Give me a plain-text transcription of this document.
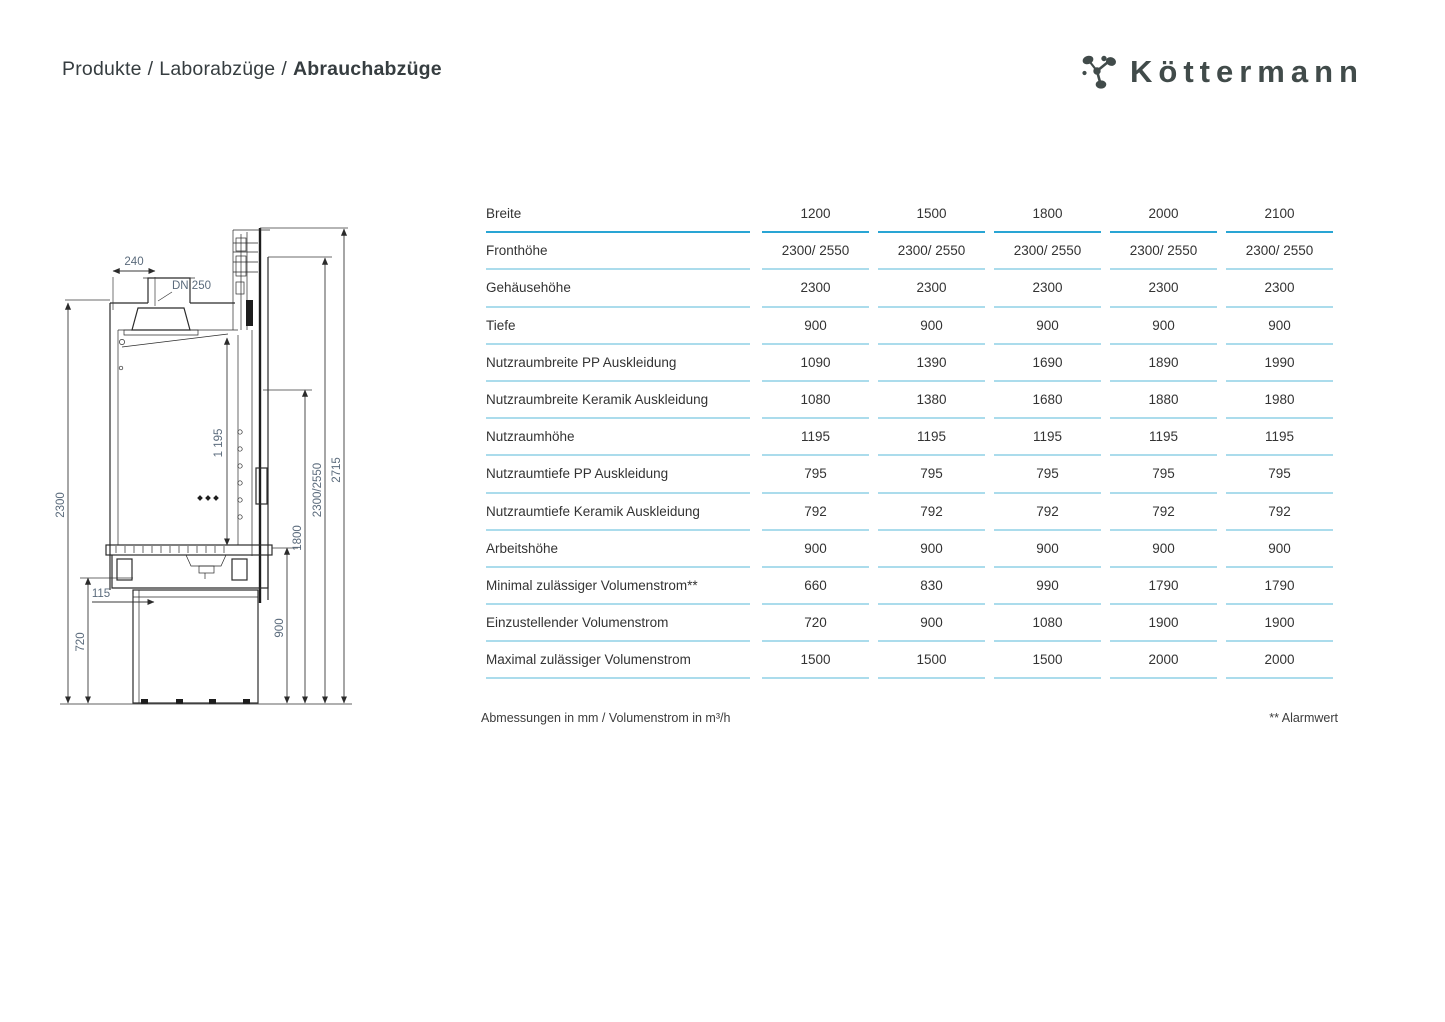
Produkte / Laborabzüge / Abrauchabzüge	Köttermann
240
DN 250
2300
115
720
1 195
900
1800
2300/2550 2715
Breite	1200	1500	1800	2000	2100
Fronthöhe	2300/ 2550	2300/ 2550	2300/ 2550	2300/ 2550	2300/ 2550
Gehäusehöhe	2300	2300	2300	2300	2300
Tiefe	900	900	900	900	900
Nutzraumbreite PP Auskleidung	1090	1390	1690	1890	1990
Nutzraumbreite Keramik Auskleidung	1080	1380	1680	1880	1980
Nutzraumhöhe	1195	1195	1195	1195	1195
Nutzraumtiefe PP Auskleidung	795	795	795	795	795
Nutzraumtiefe Keramik Auskleidung	792	792	792	792	792
Arbeitshöhe	900	900	900	900	900
Minimal zulässiger Volumenstrom**	660	830	990	1790	1790
Einzustellender Volumenstrom	720	900	1080	1900	1900
Maximal zulässiger Volumenstrom	1500	1500	1500	2000	2000
Abmessungen in mm / Volumenstrom in m³/h	** Alarmwert
